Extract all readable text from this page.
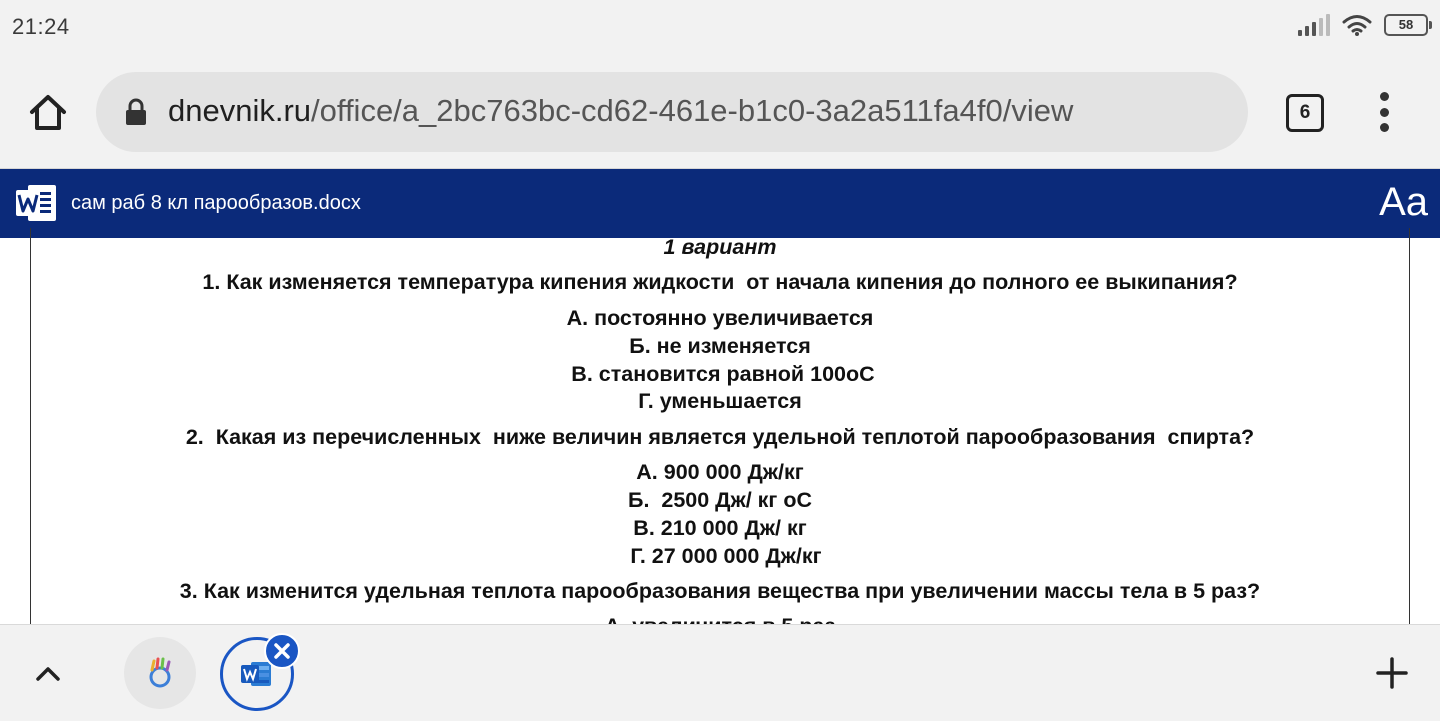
21:24	58
dnevnik.ru/office/a_2bc763bc-cd62-461e-b1c0-3a2a511fa4f0/view	6
сам раб 8 кл парообразов.docx	Aa
1 вариант
1. Как изменяется температура кипения жидкости  от начала кипения до полного ее выкипания?
А. постоянно увеличивается
Б. не изменяется
В. становится равной 100оС
Г. уменьшается
2.  Какая из перечисленных  ниже величин является удельной теплотой парообразования  спирта?
А. 900 000 Дж/кг
Б.  2500 Дж/ кг оС
В. 210 000 Дж/ кг
Г. 27 000 000 Дж/кг
3. Как изменится удельная теплота парообразования вещества при увеличении массы тела в 5 раз?
